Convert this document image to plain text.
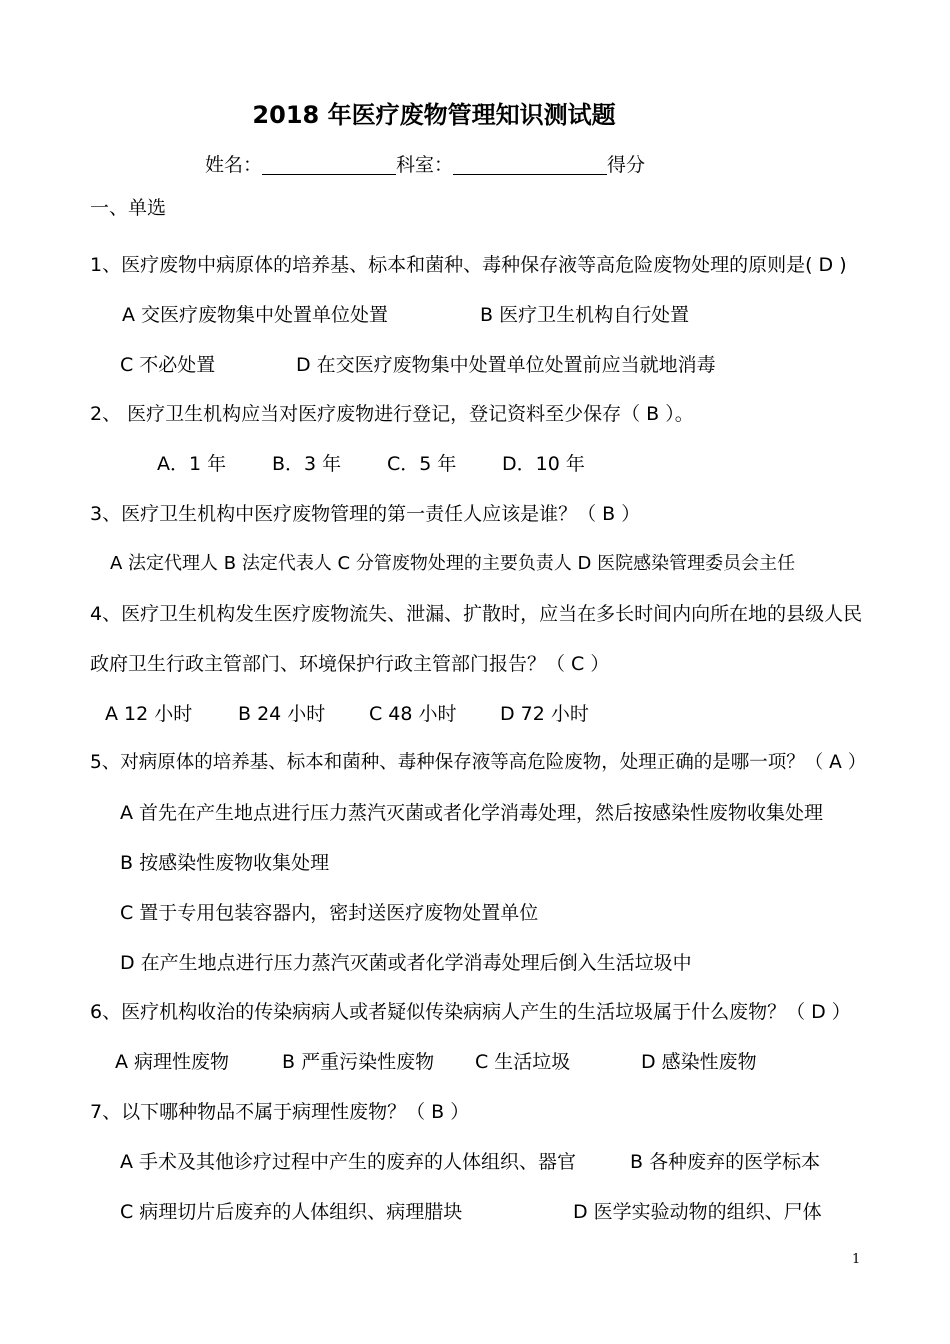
2018 年医疗废物管理知识测试题
姓名：	科室：	得分
一、单选
1、医疗废物中病原体的培养基、标本和菌种、毒种保存液等高危险废物处理的原则是( D )
A 交医疗废物集中处置单位处置	B 医疗卫生机构自行处置
C 不必处置	D 在交医疗废物集中处置单位处置前应当就地消毒
2、 医疗卫生机构应当对医疗废物进行登记，登记资料至少保存（ B ）。
A．1 年 B．3 年 C．5 年 D．10 年
3、医疗卫生机构中医疗废物管理的第一责任人应该是谁？（ B ）
A 法定代理人 B 法定代表人 C 分管废物处理的主要负责人 D 医院感染管理委员会主任
4、医疗卫生机构发生医疗废物流失、泄漏、扩散时，应当在多长时间内向所在地的县级人民
政府卫生行政主管部门、环境保护行政主管部门报告？（ C ）
A 12 小时 B 24 小时 C 48 小时 D 72 小时
5、对病原体的培养基、标本和菌种、毒种保存液等高危险废物，处理正确的是哪一项？（ A ）
A 首先在产生地点进行压力蒸汽灭菌或者化学消毒处理，然后按感染性废物收集处理
B 按感染性废物收集处理
C 置于专用包装容器内，密封送医疗废物处置单位
D 在产生地点进行压力蒸汽灭菌或者化学消毒处理后倒入生活垃圾中
6、医疗机构收治的传染病病人或者疑似传染病病人产生的生活垃圾属于什么废物？（ D ）
A 病理性废物	B 严重污染性废物 C 生活垃圾	D 感染性废物
7、以下哪种物品不属于病理性废物？（ B ）
A 手术及其他诊疗过程中产生的废弃的人体组织、器官	B 各种废弃的医学标本
C 病理切片后废弃的人体组织、病理腊块	D 医学实验动物的组织、尸体
1
